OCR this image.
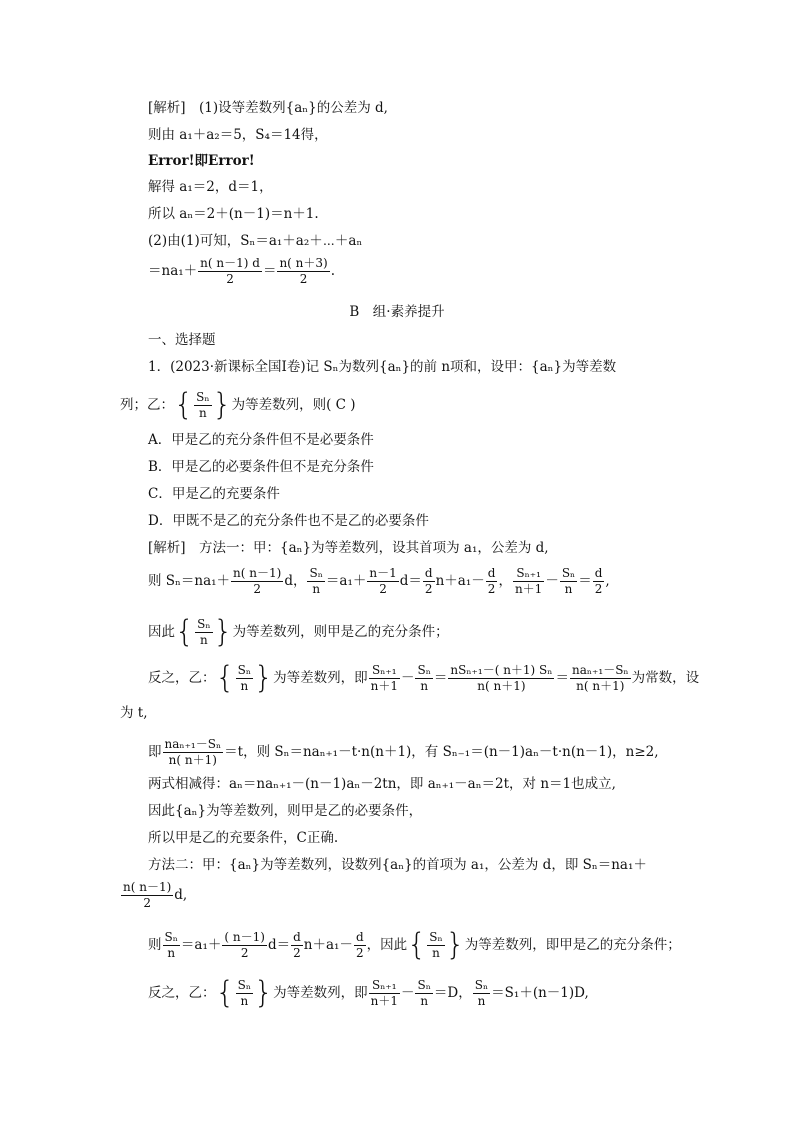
[解析]　(1)设等差数列{aₙ}的公差为 d,
则由 a₁＋a₂＝5，S₄＝14得，
Error!即Error!
解得 a₁＝2，d＝1，
所以 aₙ＝2＋(n－1)＝n＋1.
(2)由(1)可知，Sₙ＝a₁＋a₂＋⋯＋aₙ
$=na_1+ \frac{n( n-1) d}{2} = \frac{n( n+3)}{2}$ .
B　组·素养提升
一、选择题
1．(2023·新课标全国Ⅰ卷)记 Sₙ为数列{aₙ}的前 n项和，设甲：{aₙ}为等差数
列；乙：{ $\frac{\text{Sₙ}}{n}$ }为等差数列，则( C )
A．甲是乙的充分条件但不是必要条件
B．甲是乙的必要条件但不是充分条件
C．甲是乙的充要条件
D．甲既不是乙的充分条件也不是乙的必要条件
[解析]　方法一：甲：{aₙ}为等差数列，设其首项为 a₁，公差为 d,
则 $S_n=na_1+ \frac{n( n-1)}{2}$ d， $\frac{\text{Sₙ}}{n} =a_1+ \frac{n-1}{2} d= \frac{d}{2} n+a_1- \frac{d}{2}$ ， $\frac{\text{Sₙ₊₁}}{n+1} - \frac{\text{Sₙ}}{n} = \frac{d}{2}$ ,
因此{ $\frac{\text{Sₙ}}{n}$ }为等差数列，则甲是乙的充分条件；
反之，乙：{ $\frac{\text{Sₙ}}{n}$ }为等差数列，即 $\frac{\text{Sₙ₊₁}}{n+1} - \frac{\text{Sₙ}}{n} = \frac{\text{nSₙ₊₁－( n＋1) Sₙ}}{n( n+1)} = \frac{\text{naₙ₊₁－Sₙ}}{n( n+1)}$ 为常数，设
为 t,
即 $\frac{\text{naₙ₊₁－Sₙ}}{n( n+1)} =t$，则 Sₙ＝naₙ₊₁－t·n(n＋1)，有 Sₙ₋₁＝(n－1)aₙ－t·n(n－1)，n≥2,
两式相减得：aₙ＝naₙ₊₁－(n－1)aₙ－2tn，即 aₙ₊₁－aₙ＝2t，对 n＝1也成立,
因此{aₙ}为等差数列，则甲是乙的必要条件，
所以甲是乙的充要条件，C正确.
方法二：甲：{aₙ}为等差数列，设数列{aₙ}的首项为 a₁，公差为 d，即 Sₙ＝na₁＋
$\frac{n( n-1)}{2} d$,
则 $\frac{\text{Sₙ}}{n} =a_1+ \frac{( n-1)}{2} d= \frac{d}{2} n+a_1- \frac{d}{2}$ ，因此{ $\frac{\text{Sₙ}}{n}$ }为等差数列，即甲是乙的充分条件；
反之，乙：{ $\frac{\text{Sₙ}}{n}$ }为等差数列，即 $\frac{\text{Sₙ₊₁}}{n+1} - \frac{\text{Sₙ}}{n} =D$， $\frac{\text{Sₙ}}{n} =S_1+(n-1)D$,
